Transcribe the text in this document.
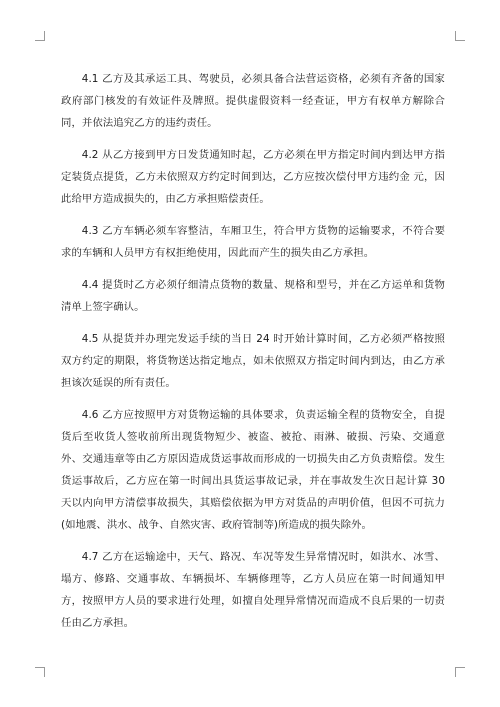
4.1 乙方及其承运工具、驾驶员，必须具备合法营运资格，必须有齐备的国家政府部门核发的有效证件及牌照。提供虚假资料一经查证，甲方有权单方解除合同，并依法追究乙方的违约责任。

4.2 从乙方接到甲方日发货通知时起，乙方必须在甲方指定时间内到达甲方指定装货点提货，乙方未依照双方约定时间到达，乙方应按次偿付甲方违约金 元，因此给甲方造成损失的，由乙方承担赔偿责任。

4.3 乙方车辆必须车容整洁，车厢卫生，符合甲方货物的运输要求，不符合要求的车辆和人员甲方有权拒绝使用，因此而产生的损失由乙方承担。

4.4 提货时乙方必须仔细清点货物的数量、规格和型号，并在乙方运单和货物清单上签字确认。

4.5 从提货并办理完发运手续的当日 24 时开始计算时间，乙方必须严格按照双方约定的期限，将货物送达指定地点，如未依照双方指定时间内到达，由乙方承担该次延误的所有责任。

4.6 乙方应按照甲方对货物运输的具体要求，负责运输全程的货物安全，自提货后至收货人签收前所出现货物短少、被盗、被抢、雨淋、破损、污染、交通意外、交通违章等由乙方原因造成货运事故而形成的一切损失由乙方负责赔偿。发生货运事故后，乙方应在第一时间出具货运事故记录，并在事故发生次日起计算 30 天以内向甲方清偿事故损失，其赔偿依据为甲方对货品的声明价值，但因不可抗力(如地震、洪水、战争、自然灾害、政府管制等)所造成的损失除外。

4.7 乙方在运输途中，天气、路况、车况等发生异常情况时，如洪水、冰雪、塌方、修路、交通事故、车辆损坏、车辆修理等，乙方人员应在第一时间通知甲方，按照甲方人员的要求进行处理，如擅自处理异常情况而造成不良后果的一切责任由乙方承担。
